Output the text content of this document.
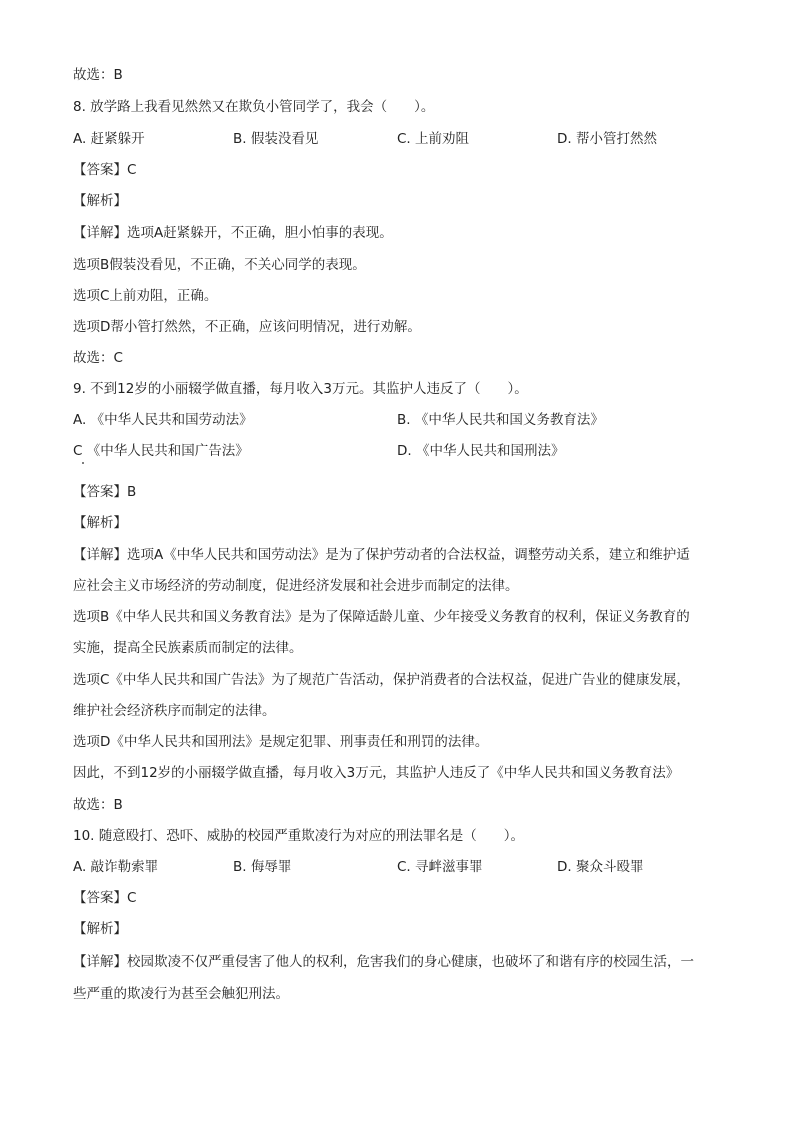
故选：B
8. 放学路上我看见然然又在欺负小管同学了，我会（　　）。
A. 赶紧躲开	B. 假装没看见	C. 上前劝阻	D. 帮小管打然然
【答案】C
【解析】
【详解】选项A赶紧躲开，不正确，胆小怕事的表现。
选项B假装没看见，不正确，不关心同学的表现。
选项C上前劝阻，正确。
选项D帮小管打然然，不正确，应该问明情况，进行劝解。
故选：C
9. 不到12岁的小丽辍学做直播，每月收入3万元。其监护人违反了（　　）。
A. 《中华人民共和国劳动法》	B. 《中华人民共和国义务教育法》
C 《中华人民共和国广告法》	D. 《中华人民共和国刑法》
【答案】B
【解析】
【详解】选项A《中华人民共和国劳动法》是为了保护劳动者的合法权益，调整劳动关系，建立和维护适
应社会主义市场经济的劳动制度，促进经济发展和社会进步而制定的法律。
选项B《中华人民共和国义务教育法》是为了保障适龄儿童、少年接受义务教育的权利，保证义务教育的
实施，提高全民族素质而制定的法律。
选项C《中华人民共和国广告法》为了规范广告活动，保护消费者的合法权益，促进广告业的健康发展，
维护社会经济秩序而制定的法律。
选项D《中华人民共和国刑法》是规定犯罪、刑事责任和刑罚的法律。
因此，不到12岁的小丽辍学做直播，每月收入3万元，其监护人违反了《中华人民共和国义务教育法》
故选：B
10. 随意殴打、恐吓、威胁的校园严重欺凌行为对应的刑法罪名是（　　）。
A. 敲诈勒索罪	B. 侮辱罪	C. 寻衅滋事罪	D. 聚众斗殴罪
【答案】C
【解析】
【详解】校园欺凌不仅严重侵害了他人的权利，危害我们的身心健康，也破坏了和谐有序的校园生活，一
些严重的欺凌行为甚至会触犯刑法。
